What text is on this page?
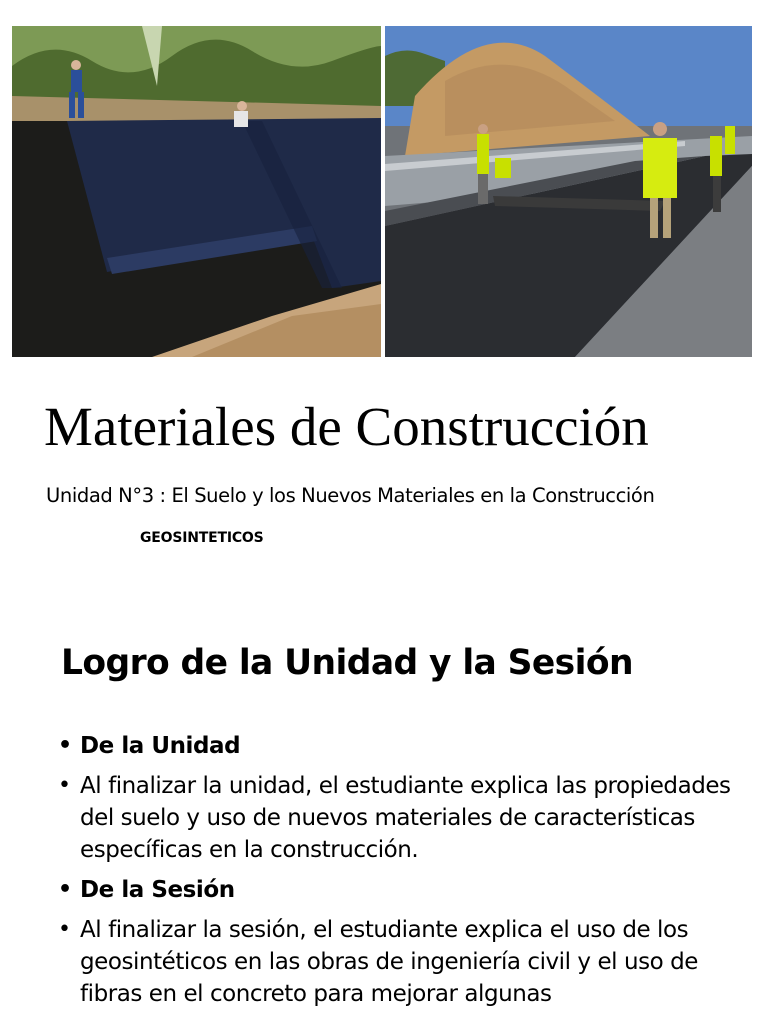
Materiales de Construcción
Unidad N°3 : El Suelo y los Nuevos Materiales en la Construcción
GEOSINTETICOS
Logro de la Unidad y la Sesión
• De la Unidad
• Al finalizar la unidad, el estudiante explica las propiedades del suelo y uso de nuevos materiales de características específicas en la construcción.
• De la Sesión
• Al finalizar la sesión, el estudiante explica el uso de los geosintéticos en las obras de ingeniería civil y el uso de fibras en el concreto para mejorar algunas
